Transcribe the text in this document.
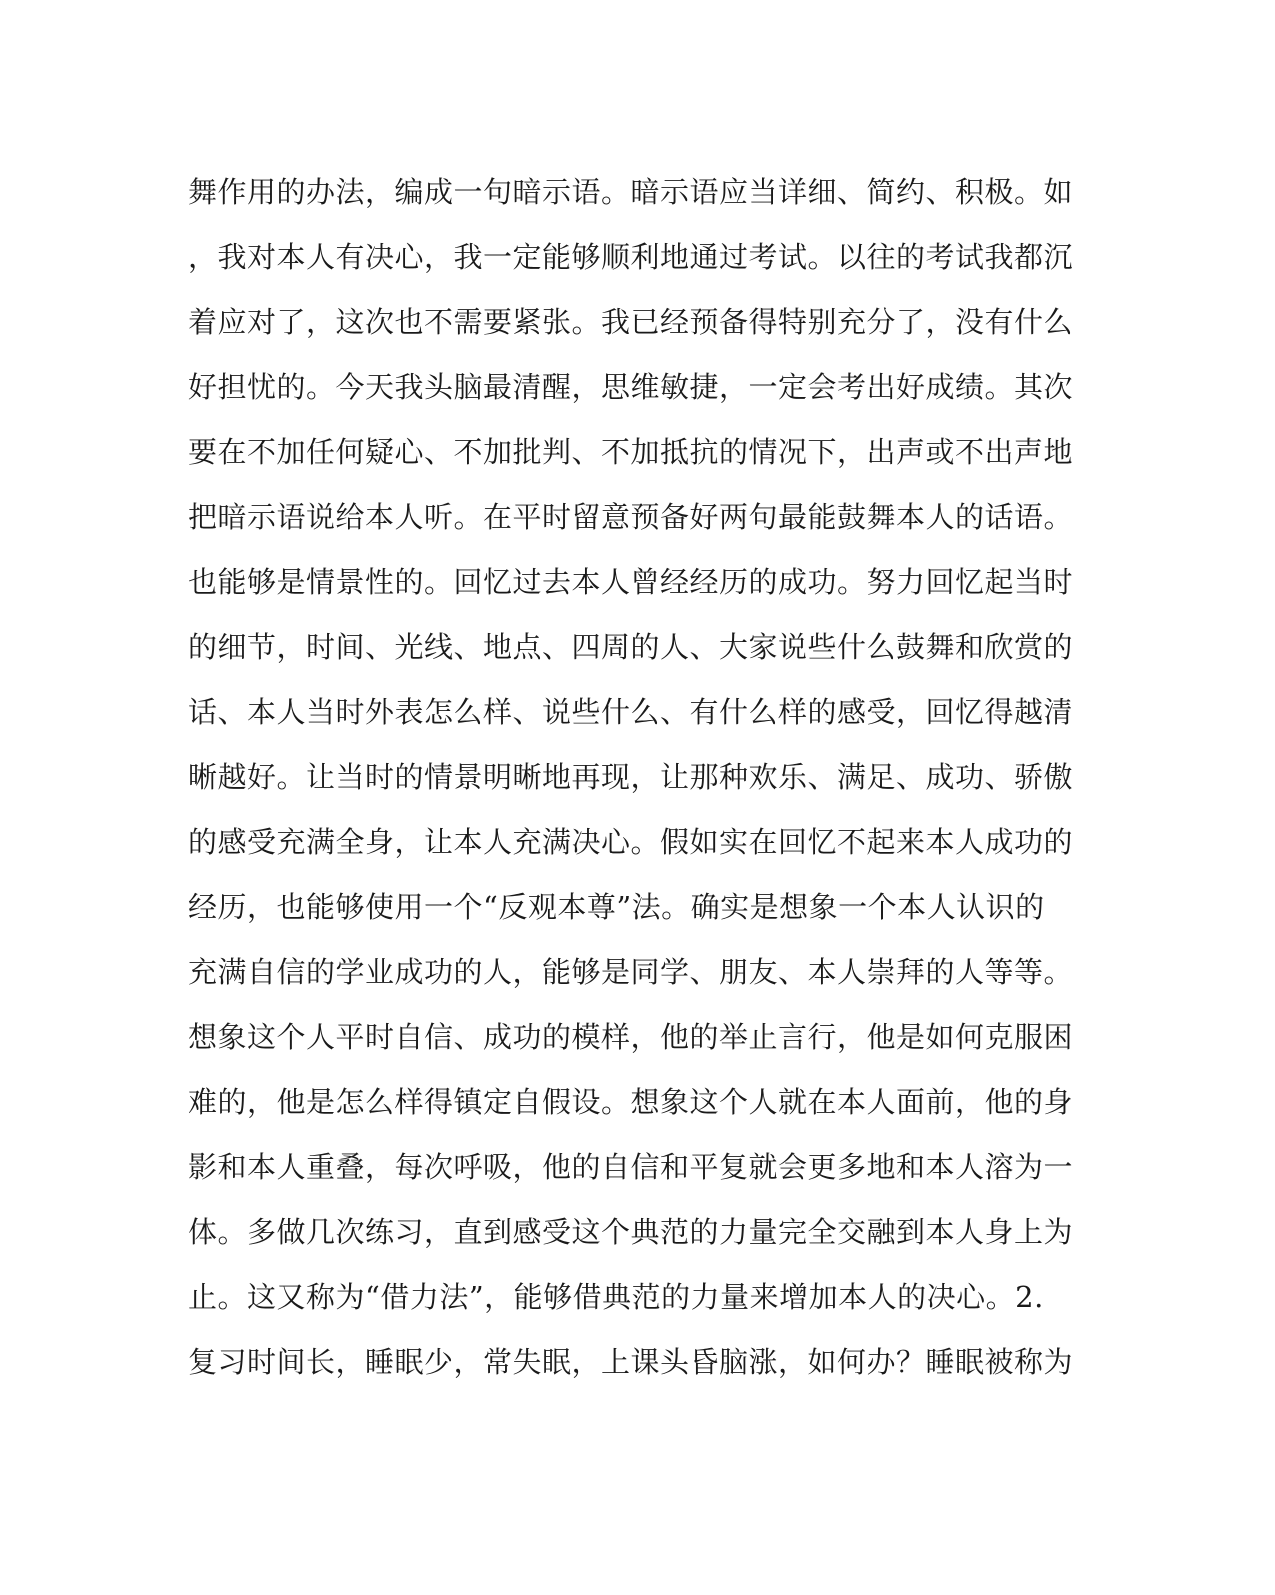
舞作用的办法，编成一句暗示语。暗示语应当详细、简约、积极。如
，我对本人有决心，我一定能够顺利地通过考试。以往的考试我都沉
着应对了，这次也不需要紧张。我已经预备得特别充分了，没有什么
好担忧的。今天我头脑最清醒，思维敏捷，一定会考出好成绩。其次
要在不加任何疑心、不加批判、不加抵抗的情况下，出声或不出声地
把暗示语说给本人听。在平时留意预备好两句最能鼓舞本人的话语。
也能够是情景性的。回忆过去本人曾经经历的成功。努力回忆起当时
的细节，时间、光线、地点、四周的人、大家说些什么鼓舞和欣赏的
话、本人当时外表怎么样、说些什么、有什么样的感受，回忆得越清
晰越好。让当时的情景明晰地再现，让那种欢乐、满足、成功、骄傲
的感受充满全身，让本人充满决心。假如实在回忆不起来本人成功的
经历，也能够使用一个“反观本尊”法。确实是想象一个本人认识的
充满自信的学业成功的人，能够是同学、朋友、本人崇拜的人等等。
想象这个人平时自信、成功的模样，他的举止言行，他是如何克服困
难的，他是怎么样得镇定自假设。想象这个人就在本人面前，他的身
影和本人重叠，每次呼吸，他的自信和平复就会更多地和本人溶为一
体。多做几次练习，直到感受这个典范的力量完全交融到本人身上为
止。这又称为“借力法”，能够借典范的力量来增加本人的决心。2.
复习时间长，睡眠少，常失眠，上课头昏脑涨，如何办？睡眠被称为
